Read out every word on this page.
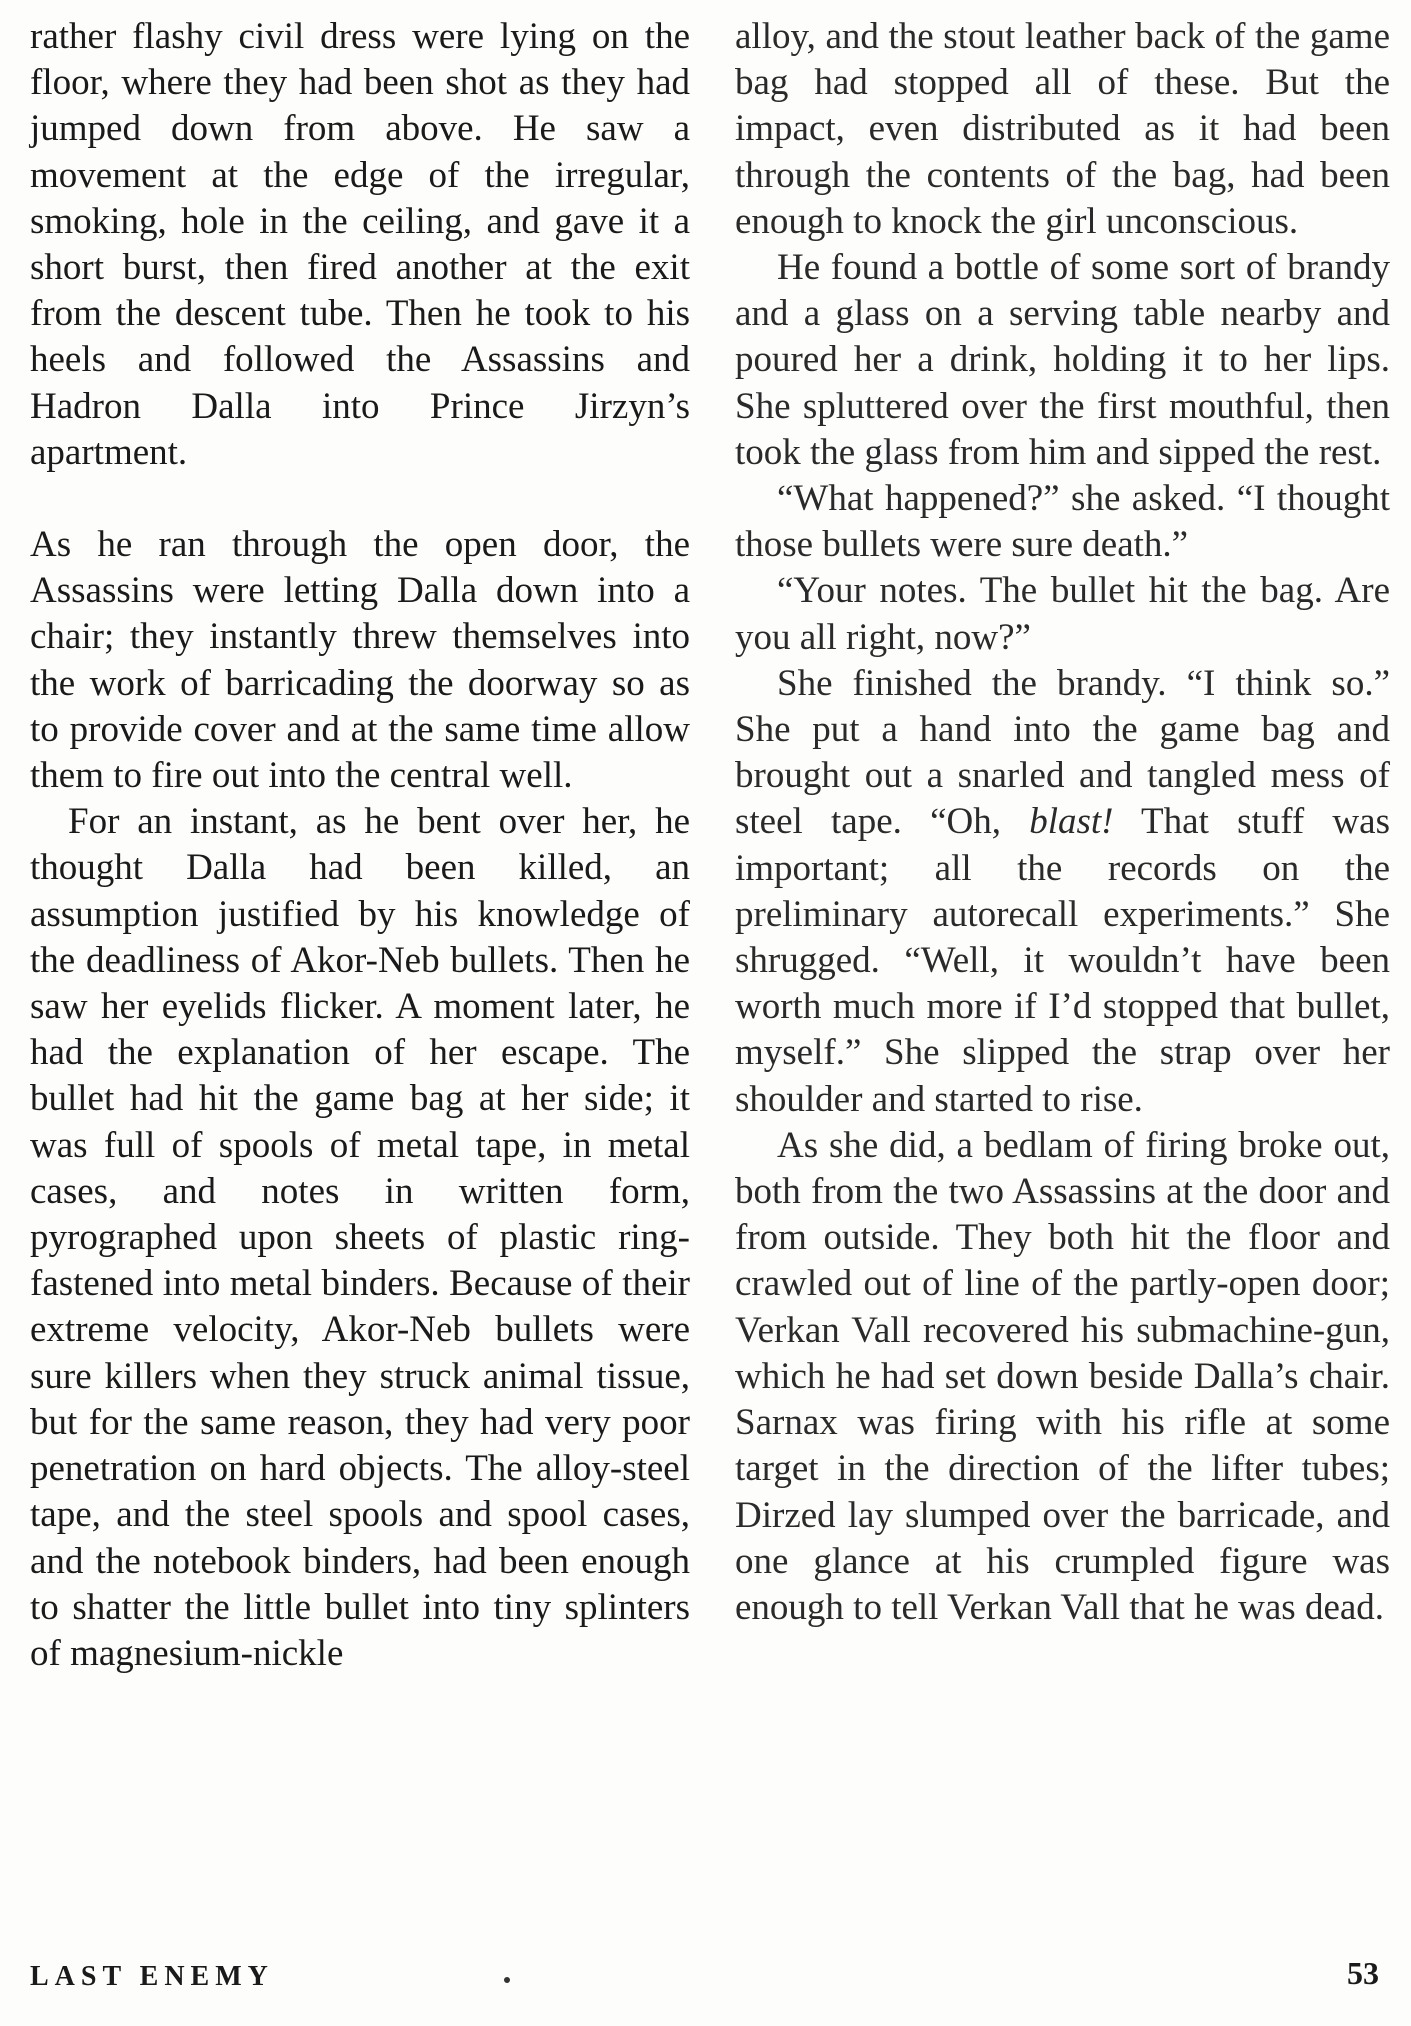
rather flashy civil dress were lying on the floor, where they had been shot as they had jumped down from above. He saw a movement at the edge of the irregular, smoking, hole in the ceiling, and gave it a short burst, then fired another at the exit from the descent tube. Then he took to his heels and followed the Assassins and Hadron Dalla into Prince Jirzyn’s apartment.

As he ran through the open door, the Assassins were letting Dalla down into a chair; they instantly threw themselves into the work of barricading the doorway so as to provide cover and at the same time allow them to fire out into the central well.

For an instant, as he bent over her, he thought Dalla had been killed, an assumption justified by his knowledge of the deadliness of Akor-Neb bullets. Then he saw her eyelids flicker. A moment later, he had the explanation of her escape. The bullet had hit the game bag at her side; it was full of spools of metal tape, in metal cases, and notes in written form, pyrographed upon sheets of plastic ring-fastened into metal binders. Because of their extreme velocity, Akor-Neb bullets were sure killers when they struck animal tissue, but for the same reason, they had very poor penetration on hard objects. The alloy-steel tape, and the steel spools and spool cases, and the notebook binders, had been enough to shatter the little bullet into tiny splinters of magnesium-nickle

alloy, and the stout leather back of the game bag had stopped all of these. But the impact, even distributed as it had been through the contents of the bag, had been enough to knock the girl unconscious.

He found a bottle of some sort of brandy and a glass on a serving table nearby and poured her a drink, holding it to her lips. She spluttered over the first mouthful, then took the glass from him and sipped the rest.

“What happened?” she asked. “I thought those bullets were sure death.”

“Your notes. The bullet hit the bag. Are you all right, now?”

She finished the brandy. “I think so.” She put a hand into the game bag and brought out a snarled and tangled mess of steel tape. “Oh, blast! That stuff was important; all the records on the preliminary autorecall experiments.” She shrugged. “Well, it wouldn’t have been worth much more if I’d stopped that bullet, myself.” She slipped the strap over her shoulder and started to rise.

As she did, a bedlam of firing broke out, both from the two Assassins at the door and from outside. They both hit the floor and crawled out of line of the partly-open door; Verkan Vall recovered his submachine-gun, which he had set down beside Dalla’s chair. Sarnax was firing with his rifle at some target in the direction of the lifter tubes; Dirzed lay slumped over the barricade, and one glance at his crumpled figure was enough to tell Verkan Vall that he was dead.

LAST ENEMY	53
